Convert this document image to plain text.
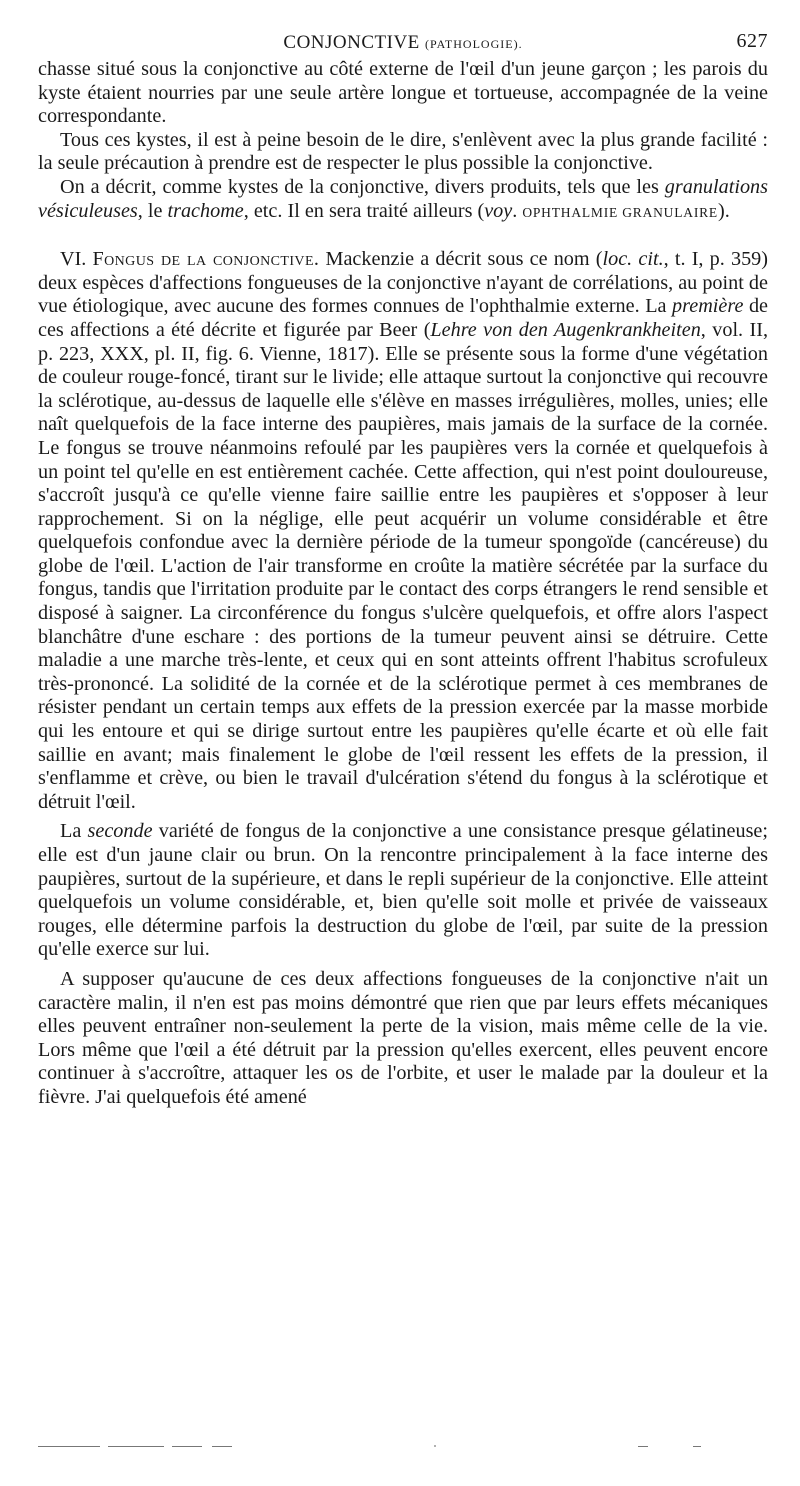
CONJONCTIVE (PATHOLOGIE).	627

chasse situé sous la conjonctive au côté externe de l'œil d'un jeune garçon ; les parois du kyste étaient nourries par une seule artère longue et tortueuse, accompagnée de la veine correspondante.

Tous ces kystes, il est à peine besoin de le dire, s'enlèvent avec la plus grande facilité : la seule précaution à prendre est de respecter le plus possible la conjonctive.

On a décrit, comme kystes de la conjonctive, divers produits, tels que les granulations vésiculeuses, le trachome, etc. Il en sera traité ailleurs (voy. OPHTHALMIE GRANULAIRE).

VI. Fongus de la conjonctive. Mackenzie a décrit sous ce nom (loc. cit., t. I, p. 359) deux espèces d'affections fongueuses de la conjonctive n'ayant de corrélations, au point de vue étiologique, avec aucune des formes connues de l'ophthalmie externe. La première de ces affections a été décrite et figurée par Beer (Lehre von den Augenkrankheiten, vol. II, p. 223, XXX, pl. II, fig. 6. Vienne, 1817). Elle se présente sous la forme d'une végétation de couleur rouge-foncé, tirant sur le livide; elle attaque surtout la conjonctive qui recouvre la sclérotique, au-dessus de laquelle elle s'élève en masses irrégulières, molles, unies; elle naît quelquefois de la face interne des paupières, mais jamais de la surface de la cornée. Le fongus se trouve néanmoins refoulé par les paupières vers la cornée et quelquefois à un point tel qu'elle en est entièrement cachée. Cette affection, qui n'est point douloureuse, s'accroît jusqu'à ce qu'elle vienne faire saillie entre les paupières et s'opposer à leur rapprochement. Si on la néglige, elle peut acquérir un volume considérable et être quelquefois confondue avec la dernière période de la tumeur spongoïde (cancéreuse) du globe de l'œil. L'action de l'air transforme en croûte la matière sécrétée par la surface du fongus, tandis que l'irritation produite par le contact des corps étrangers le rend sensible et disposé à saigner. La circonférence du fongus s'ulcère quelquefois, et offre alors l'aspect blanchâtre d'une eschare : des portions de la tumeur peuvent ainsi se détruire. Cette maladie a une marche très-lente, et ceux qui en sont atteints offrent l'habitus scrofuleux très-prononcé. La solidité de la cornée et de la sclérotique permet à ces membranes de résister pendant un certain temps aux effets de la pression exercée par la masse morbide qui les entoure et qui se dirige surtout entre les paupières qu'elle écarte et où elle fait saillie en avant; mais finalement le globe de l'œil ressent les effets de la pression, il s'enflamme et crève, ou bien le travail d'ulcération s'étend du fongus à la sclérotique et détruit l'œil.

La seconde variété de fongus de la conjonctive a une consistance presque gélatineuse; elle est d'un jaune clair ou brun. On la rencontre principalement à la face interne des paupières, surtout de la supérieure, et dans le repli supérieur de la conjonctive. Elle atteint quelquefois un volume considérable, et, bien qu'elle soit molle et privée de vaisseaux rouges, elle détermine parfois la destruction du globe de l'œil, par suite de la pression qu'elle exerce sur lui.

A supposer qu'aucune de ces deux affections fongueuses de la conjonctive n'ait un caractère malin, il n'en est pas moins démontré que rien que par leurs effets mécaniques elles peuvent entraîner non-seulement la perte de la vision, mais même celle de la vie. Lors même que l'œil a été détruit par la pression qu'elles exercent, elles peuvent encore continuer à s'accroître, attaquer les os de l'orbite, et user le malade par la douleur et la fièvre. J'ai quelquefois été amené
